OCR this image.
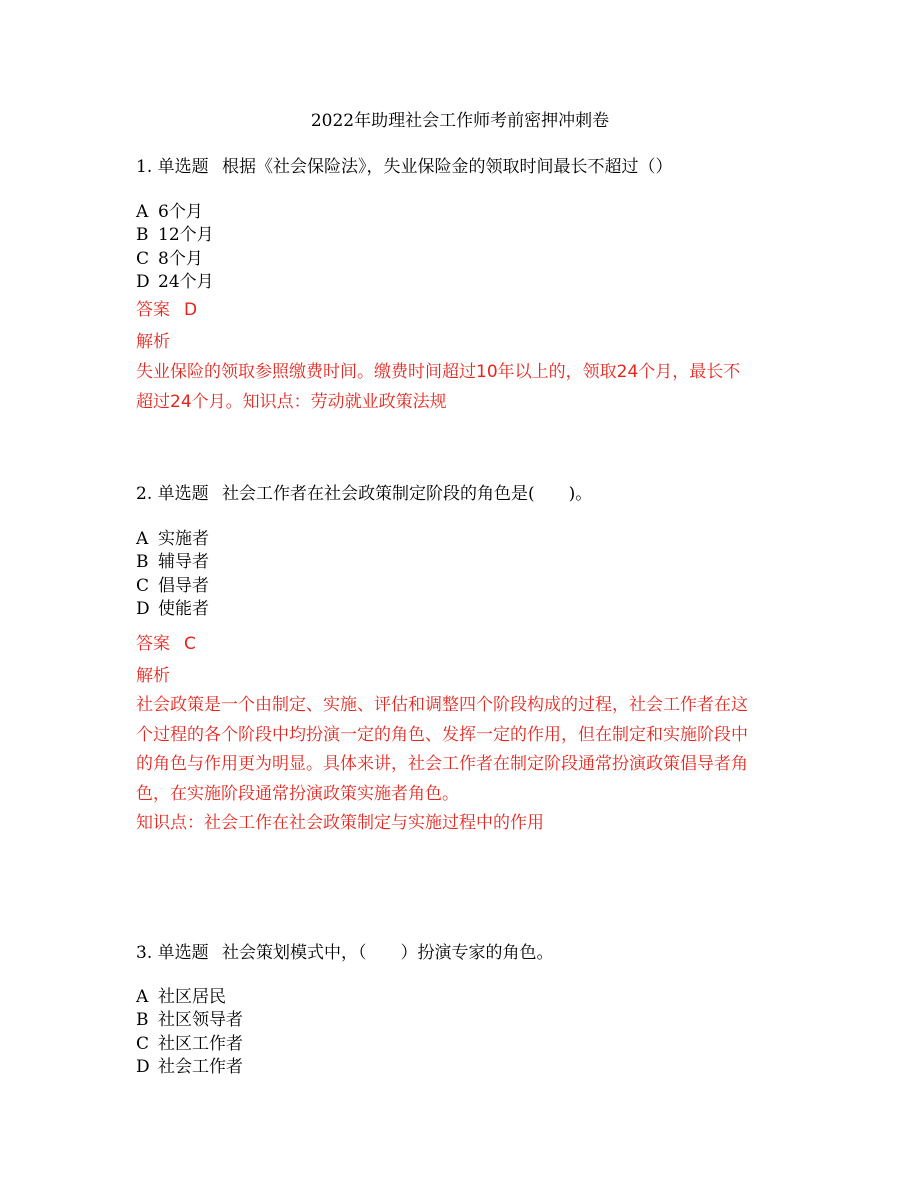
2022年助理社会工作师考前密押冲刺卷
1. 单选题 根据《社会保险法》，失业保险金的领取时间最长不超过（）
A 6个月
B 12个月
C 8个月
D 24个月
答案 D
解析

失业保险的领取参照缴费时间。缴费时间超过10年以上的，领取24个月，最长不

超过24个月。知识点：劳动就业政策法规

2. 单选题 社会工作者在社会政策制定阶段的角色是(　　)。
A 实施者
B 辅导者
C 倡导者
D 使能者
答案 C
解析

社会政策是一个由制定、实施、评估和调整四个阶段构成的过程，社会工作者在这

个过程的各个阶段中均扮演一定的角色、发挥一定的作用，但在制定和实施阶段中

的角色与作用更为明显。具体来讲，社会工作者在制定阶段通常扮演政策倡导者角

色，在实施阶段通常扮演政策实施者角色。

知识点：社会工作在社会政策制定与实施过程中的作用

3. 单选题 社会策划模式中，（　　）扮演专家的角色。
A 社区居民
B 社区领导者
C 社区工作者
D 社会工作者
